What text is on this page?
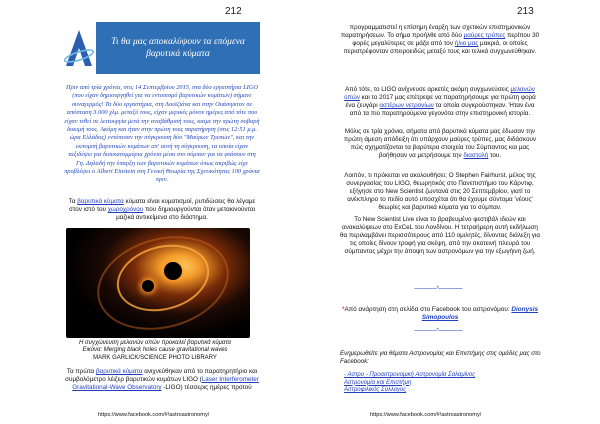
212
Τι θα μας αποκαλύψουν τα επόμενα βαρυτικά κύματα
Πριν από τρία χρόνια, στις 14 Σεπτεμβρίου 2015, στα δύο εργαστήρια LIGO (που είχαν δημιουργηθεί για να εντοπισμό βαρυτικών κυμάτων) σήμανε συναγερμός! Τα δύο εργαστήρια, στη Λουϊζιάνα και στην Ουάσιγκτον σε απόσταση 3.000 χλμ. μεταξύ τους, είχαν μερικές μόνον ημέρες από τότε που είχαν τεθεί σε λειτουργία μετά την αναβάθμισή τους, καιμε την πρώτη σοβαρή δοκιμή τους. Ακόμη και ήταν στην πρώτη τους παρατήρηση (στις 12:51 μ.μ. ώρα Ελλάδος) εντόπισαν την σύγκρουση δύο "Μαύρων Τρυπών", και την εκπομπή βαρυτικών κυμάτων απ' αυτή τη σύγκρουση, τα οποία είχαν ταξιδέψει για δισεκατομμύρια χρόνια μέσα στο σύμπαν για να φτάσουν στη Γη. Δηλαδή την ύπαρξη των βαρυτικών κυμάτων όπως ακριβώς είχε προβλέψει ο Albert Einstein στη Γενική Θεωρία της Σχετικότητας 100 χρόνια πριν.
Τα βαρυτικά κύματα κύματα είναι κυματισμοί, ρυτιδώσεις θα λέγαμε στον ιστό του χωροχρόνου που δημιουργούνται όταν μετακινούνται μαζικά αντικείμενα στο διάστημα.
Η συγχώνευση μελανών οπών προκαλεί βαρυτικά κύματα
Εικόνα: Merging black holes cause gravitational waves
MARK GARLICK/SCIENCE PHOTO LIBRARY
Τα πρώτα βαρυτικά κύματα ανιχνεύθηκαν από το παρατηρητήριο και συμβολόμετρο λέιζερ βαρυτικών κυμάτων LIGO (Laser Interferometer Gravitational-Wave Observatory -LIGO) τέσσερις ημέρες προτού
https://www.facebook.com/#!astroastronomy/
213
προγραμματιστεί η επίσημη έναρξη των σχετικών επιστημονικών παρατηρήσεων. Το σήμα προήλθε από δύο μαύρες τρύπες περίπου 30 φορές μεγαλύτερες σε μάζα από τον ήλιο μας μακριά, οι οποίες περιστρέφονταν σπειροειδώς μεταξύ τους και τελικά συγχωνεύθηκαν.
Από τότε, το LIGO ανίχνευσε αρκετές ακόμη συγχωνεύσεις μελανών οπών και το 2017 μας επέτρεψε να παρατηρήσουμε για πρώτη φορά ένα ζευγάρι αστέρων νετρονίων τα οποία συγκρούστηκαν. Ήταν ένα από τα πιο παρατηρούμενα γεγονότα στην επιστημονική ιστορία.
Μόλις σε τρία χρόνια, σήματα από βαρυτικά κύματα μας έδωσαν την πρώτη άμεση απόδειξη ότι υπάρχουν μαύρες τρύπες, μας διδάσκουν πώς σχηματίζονται τα βαρύτερα στοιχεία του Σύμπαντος και μας βοήθησαν να μετρήσουμε την διαστολή του.
Λοιπόν, τι πρόκειται να ακολουθήσει; Ο Stephen Fairhurst, μέλος της συνεργασίας του LIGO, θεωρητικός στο Πανεπιστήμιο του Κάρντιφ, εξήγησε στο New Scientist ζωντανά στις 20 Σεπτεμβρίου, γιατί το ανέκπληρο το πεδίο αυτό υποσχέται ότι θα έχουμε σύντομα 'νέους' θεωρίες και βαρυτικά κύματα για το σύμπαν.
Το New Scientist Live είναι το βραβευμένο φεστιβάλ ιδεών και ανακαλύψεων στο ExCeL του Λονδίνου. Η τετραήμερη αυτή εκδήλωση θα περιλαμβάνει περισσότερους από 110 ομιλητές, δίνοντας διάλεξη για τις οποίες δίνουν τροφή για σκέψη, από την σκοτεινή πλευρά του σύμπαντος μέχρι την άποψη των αστρονόμων για την εξωγήινη ζωή.
---------------*----------------
*Από ανάρτηση στη σελίδα στο Facebook του αστρονόμου: Dionysis Simopoulos
---------------*----------------
Ενημερωθείτε για θέματα Αστρονομίας και Επιστήμης στις ομάδες μας στο Facebook:
- Αστρο - Προαστρονομική Αστρονομία Σαλαμίνος
Αστρονομία και Επιστήμη
Αστροφιλικός Σύλλογος
https://www.facebook.com/#!astroastronomy/
